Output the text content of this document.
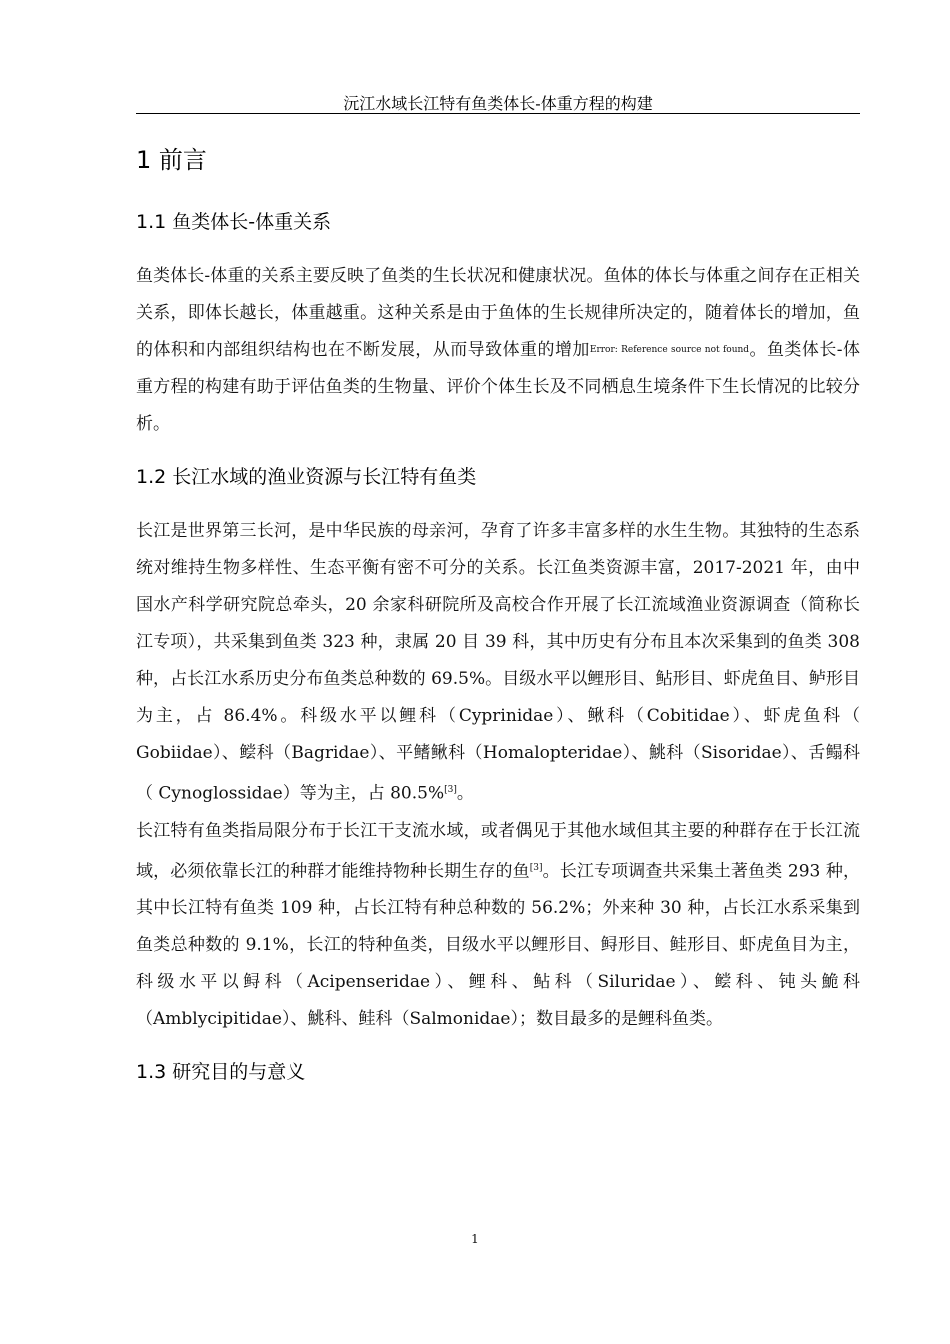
沅江水域长江特有鱼类体长-体重方程的构建
1 前言
1.1 鱼类体长-体重关系

鱼类体长-体重的关系主要反映了鱼类的生长状况和健康状况。鱼体的体长与体重之间存在正相关关系，即体长越长，体重越重。这种关系是由于鱼体的生长规律所决定的，随着体长的增加，鱼的体积和内部组织结构也在不断发展，从而导致体重的增加$^{Error: Reference source not found}$。鱼类体长-体重方程的构建有助于评估鱼类的生物量、评价个体生长及不同栖息生境条件下生长情况的比较分析。

1.2 长江水域的渔业资源与长江特有鱼类

长江是世界第三长河，是中华民族的母亲河，孕育了许多丰富多样的水生生物。其独特的生态系统对维持生物多样性、生态平衡有密不可分的关系。长江鱼类资源丰富，2017-2021 年，由中国水产科学研究院总牵头，20 余家科研院所及高校合作开展了长江流域渔业资源调查（简称长江专项），共采集到鱼类 323 种，隶属 20 目 39 科，其中历史有分布且本次采集到的鱼类 308 种，占长江水系历史分布鱼类总种数的 69.5%。目级水平以鲤形目、鲇形目、虾虎鱼目、鲈形目为主，占 86.4%。科级水平以鲤科（Cyprinidae）、鳅科（Cobitidae）、虾虎鱼科（ Gobiidae）、鲿科（Bagridae）、平鳍鳅科（Homalopteridae）、鮡科（Sisoridae）、舌鳎科（ Cynoglossidae）等为主，占 80.5%[3]。

长江特有鱼类指局限分布于长江干支流水域，或者偶见于其他水域但其主要的种群存在于长江流域，必须依靠长江的种群才能维持物种长期生存的鱼[3]。长江专项调查共采集土著鱼类 293 种，其中长江特有鱼类 109 种，占长江特有种总种数的 56.2%；外来种 30 种，占长江水系采集到鱼类总种数的 9.1%，长江的特种鱼类，目级水平以鲤形目、鲟形目、鲑形目、虾虎鱼目为主，科级水平以鲟科（Acipenseridae）、鲤科、鲇科（Siluridae）、鲿科、钝头鮠科（Amblycipitidae）、鮡科、鲑科（Salmonidae）；数目最多的是鲤科鱼类。

1.3 研究目的与意义
1
